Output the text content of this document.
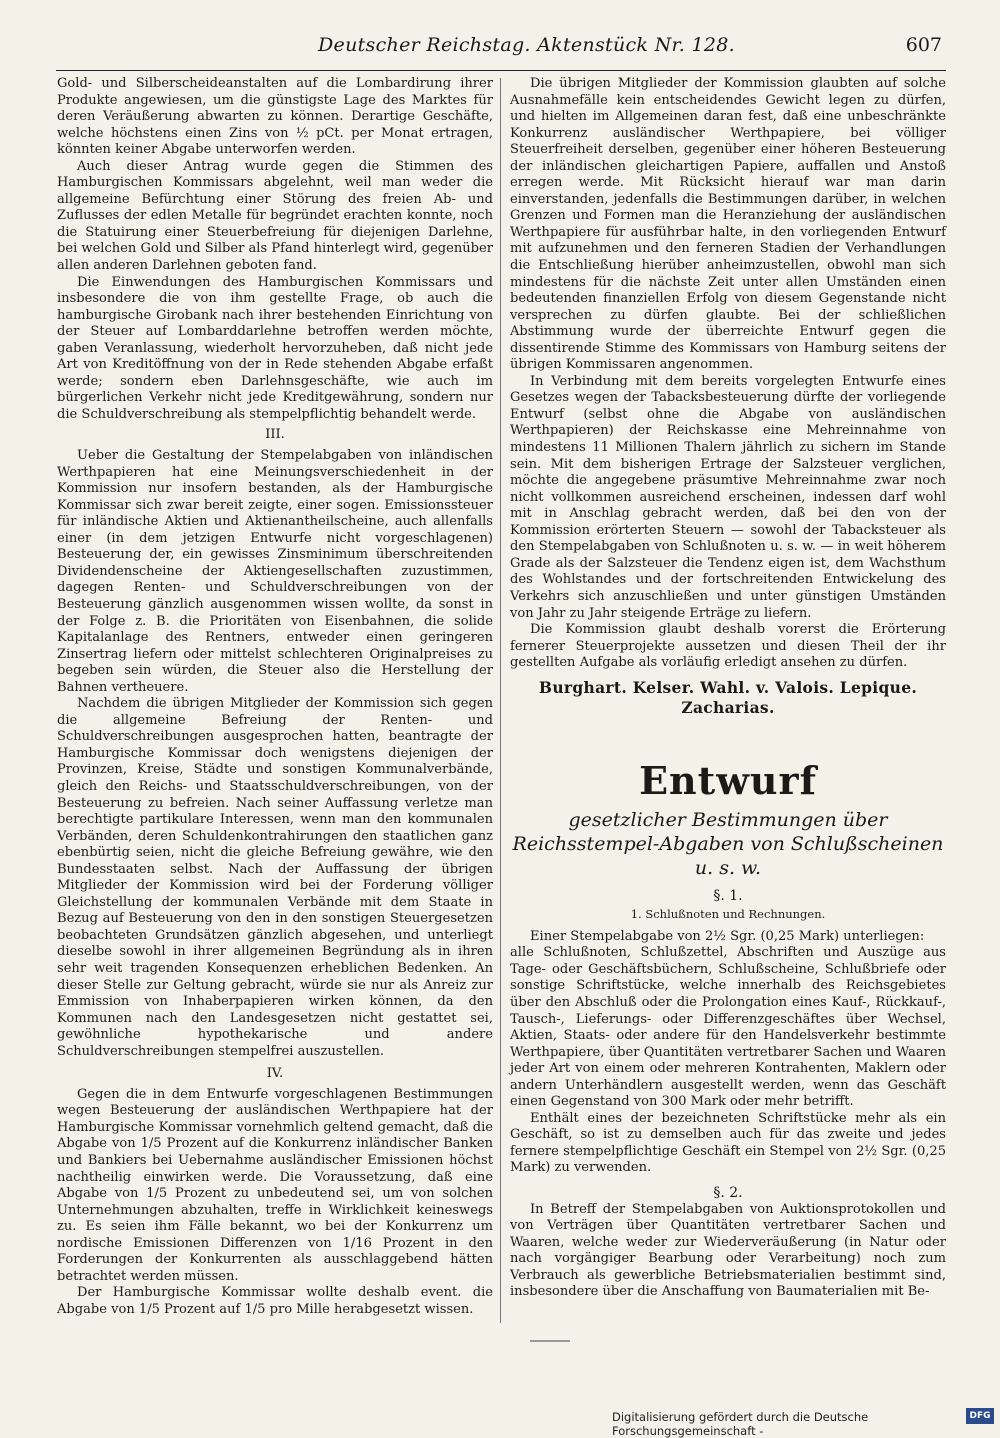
Deutscher Reichstag. Aktenstück Nr. 128.	607

Gold- und Silberscheideanstalten auf die Lombardirung ihrer Produkte angewiesen, um die günstigste Lage des Marktes für deren Veräußerung abwarten zu können. Derartige Geschäfte, welche höchstens einen Zins von ½ pCt. per Monat ertragen, könnten keiner Abgabe unterworfen werden.

Auch dieser Antrag wurde gegen die Stimmen des Hamburgischen Kommissars abgelehnt, weil man weder die allgemeine Befürchtung einer Störung des freien Ab- und Zuflusses der edlen Metalle für begründet erachten konnte, noch die Statuirung einer Steuerbefreiung für diejenigen Darlehne, bei welchen Gold und Silber als Pfand hinterlegt wird, gegenüber allen anderen Darlehnen geboten fand.

Die Einwendungen des Hamburgischen Kommissars und insbesondere die von ihm gestellte Frage, ob auch die hamburgische Girobank nach ihrer bestehenden Einrichtung von der Steuer auf Lombarddarlehne betroffen werden möchte, gaben Veranlassung, wiederholt hervorzuheben, daß nicht jede Art von Kreditöffnung von der in Rede stehenden Abgabe erfaßt werde; sondern eben Darlehnsgeschäfte, wie auch im bürgerlichen Verkehr nicht jede Kreditgewährung, sondern nur die Schuldverschreibung als stempelpflichtig behandelt werde.

III.

Ueber die Gestaltung der Stempelabgaben von inländischen Werthpapieren hat eine Meinungsverschiedenheit in der Kommission nur insofern bestanden, als der Hamburgische Kommissar sich zwar bereit zeigte, einer sogen. Emissionssteuer für inländische Aktien und Aktienantheilscheine, auch allenfalls einer (in dem jetzigen Entwurfe nicht vorgeschlagenen) Besteuerung der, ein gewisses Zinsminimum überschreitenden Dividendenscheine der Aktiengesellschaften zuzustimmen, dagegen Renten- und Schuldverschreibungen von der Besteuerung gänzlich ausgenommen wissen wollte, da sonst in der Folge z. B. die Prioritäten von Eisenbahnen, die solide Kapitalanlage des Rentners, entweder einen geringeren Zinsertrag liefern oder mittelst schlechteren Originalpreises zu begeben sein würden, die Steuer also die Herstellung der Bahnen vertheuere.

Nachdem die übrigen Mitglieder der Kommission sich gegen die allgemeine Befreiung der Renten- und Schuldverschreibungen ausgesprochen hatten, beantragte der Hamburgische Kommissar doch wenigstens diejenigen der Provinzen, Kreise, Städte und sonstigen Kommunalverbände, gleich den Reichs- und Staatsschuldverschreibungen, von der Besteuerung zu befreien. Nach seiner Auffassung verletze man berechtigte partikulare Interessen, wenn man den kommunalen Verbänden, deren Schuldenkontrahirungen den staatlichen ganz ebenbürtig seien, nicht die gleiche Befreiung gewähre, wie den Bundesstaaten selbst. Nach der Auffassung der übrigen Mitglieder der Kommission wird bei der Forderung völliger Gleichstellung der kommunalen Verbände mit dem Staate in Bezug auf Besteuerung von den in den sonstigen Steuergesetzen beobachteten Grundsätzen gänzlich abgesehen, und unterliegt dieselbe sowohl in ihrer allgemeinen Begründung als in ihren sehr weit tragenden Konsequenzen erheblichen Bedenken. An dieser Stelle zur Geltung gebracht, würde sie nur als Anreiz zur Emmission von Inhaberpapieren wirken können, da den Kommunen nach den Landesgesetzen nicht gestattet sei, gewöhnliche hypothekarische und andere Schuldverschreibungen stempelfrei auszustellen.

IV.

Gegen die in dem Entwurfe vorgeschlagenen Bestimmungen wegen Besteuerung der ausländischen Werthpapiere hat der Hamburgische Kommissar vornehmlich geltend gemacht, daß die Abgabe von 1/5 Prozent auf die Konkurrenz inländischer Banken und Bankiers bei Uebernahme ausländischer Emissionen höchst nachtheilig einwirken werde. Die Voraussetzung, daß eine Abgabe von 1/5 Prozent zu unbedeutend sei, um von solchen Unternehmungen abzuhalten, treffe in Wirklichkeit keineswegs zu. Es seien ihm Fälle bekannt, wo bei der Konkurrenz um nordische Emissionen Differenzen von 1/16 Prozent in den Forderungen der Konkurrenten als ausschlaggebend hätten betrachtet werden müssen.

Der Hamburgische Kommissar wollte deshalb event. die Abgabe von 1/5 Prozent auf 1/5 pro Mille herabgesetzt wissen.

Die übrigen Mitglieder der Kommission glaubten auf solche Ausnahmefälle kein entscheidendes Gewicht legen zu dürfen, und hielten im Allgemeinen daran fest, daß eine unbeschränkte Konkurrenz ausländischer Werthpapiere, bei völliger Steuerfreiheit derselben, gegenüber einer höheren Besteuerung der inländischen gleichartigen Papiere, auffallen und Anstoß erregen werde. Mit Rücksicht hierauf war man darin einverstanden, jedenfalls die Bestimmungen darüber, in welchen Grenzen und Formen man die Heranziehung der ausländischen Werthpapiere für ausführbar halte, in den vorliegenden Entwurf mit aufzunehmen und den ferneren Stadien der Verhandlungen die Entschließung hierüber anheimzustellen, obwohl man sich mindestens für die nächste Zeit unter allen Umständen einen bedeutenden finanziellen Erfolg von diesem Gegenstande nicht versprechen zu dürfen glaubte. Bei der schließlichen Abstimmung wurde der überreichte Entwurf gegen die dissentirende Stimme des Kommissars von Hamburg seitens der übrigen Kommissaren angenommen.

In Verbindung mit dem bereits vorgelegten Entwurfe eines Gesetzes wegen der Tabacksbesteuerung dürfte der vorliegende Entwurf (selbst ohne die Abgabe von ausländischen Werthpapieren) der Reichskasse eine Mehreinnahme von mindestens 11 Millionen Thalern jährlich zu sichern im Stande sein. Mit dem bisherigen Ertrage der Salzsteuer verglichen, möchte die angegebene präsumtive Mehreinnahme zwar noch nicht vollkommen ausreichend erscheinen, indessen darf wohl mit in Anschlag gebracht werden, daß bei den von der Kommission erörterten Steuern — sowohl der Tabacksteuer als den Stempelabgaben von Schlußnoten u. s. w. — in weit höherem Grade als der Salzsteuer die Tendenz eigen ist, dem Wachsthum des Wohlstandes und der fortschreitenden Entwickelung des Verkehrs sich anzuschließen und unter günstigen Umständen von Jahr zu Jahr steigende Erträge zu liefern.

Die Kommission glaubt deshalb vorerst die Erörterung fernerer Steuerprojekte aussetzen und diesen Theil der ihr gestellten Aufgabe als vorläufig erledigt ansehen zu dürfen.

Burghart. Kelser. Wahl. v. Valois. Lepique. Zacharias.
Entwurf
gesetzlicher Bestimmungen über Reichsstempel-Abgaben von Schlußscheinen u. s. w.
§. 1.
1. Schlußnoten und Rechnungen.

Einer Stempelabgabe von 2½ Sgr. (0,25 Mark) unterliegen:

alle Schlußnoten, Schlußzettel, Abschriften und Auszüge aus Tage- oder Geschäftsbüchern, Schlußscheine, Schlußbriefe oder sonstige Schriftstücke, welche innerhalb des Reichsgebietes über den Abschluß oder die Prolongation eines Kauf-, Rückkauf-, Tausch-, Lieferungs- oder Differenzgeschäftes über Wechsel, Aktien, Staats- oder andere für den Handelsverkehr bestimmte Werthpapiere, über Quantitäten vertretbarer Sachen und Waaren jeder Art von einem oder mehreren Kontrahenten, Maklern oder andern Unterhändlern ausgestellt werden, wenn das Geschäft einen Gegenstand von 300 Mark oder mehr betrifft.

Enthält eines der bezeichneten Schriftstücke mehr als ein Geschäft, so ist zu demselben auch für das zweite und jedes fernere stempelpflichtige Geschäft ein Stempel von 2½ Sgr. (0,25 Mark) zu verwenden.

§. 2.

In Betreff der Stempelabgaben von Auktionsprotokollen und von Verträgen über Quantitäten vertretbarer Sachen und Waaren, welche weder zur Wiederveräußerung (in Natur oder nach vorgängiger Bearbung oder Verarbeitung) noch zum Verbrauch als gewerbliche Betriebsmaterialien bestimmt sind, insbesondere über die Anschaffung von Baumaterialien mit Be-

Digitalisierung gefördert durch die Deutsche Forschungsgemeinschaft -
DFG
